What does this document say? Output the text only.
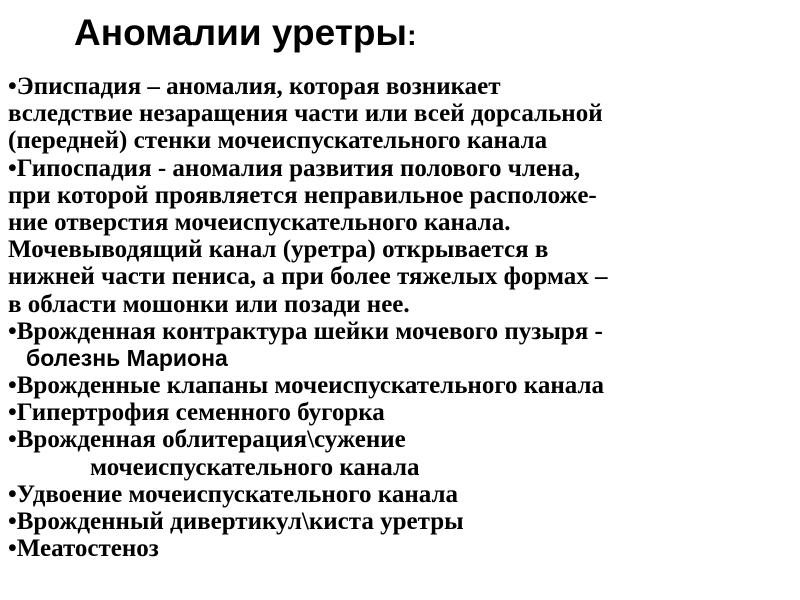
Аномалии уретры:
•Эписпадия – аномалия, которая возникает
вследствие незаращения части или всей дорсальной
(передней) стенки мочеиспускательного канала
•Гипоспадия - аномалия развития полового члена,
при которой проявляется неправильное расположе-
ние отверстия мочеиспускательного канала.
Мочевыводящий канал (уретра) открывается в
нижней части пениса, а при более тяжелых формах –
в области мошонки или позади нее.
•Врожденная контрактура шейки мочевого пузыря -
болезнь Мариона
•Врожденные клапаны мочеиспускательного канала
•Гипертрофия семенного бугорка
•Врожденная облитерация\сужение
мочеиспускательного канала
•Удвоение мочеиспускательного канала
•Врожденный дивертикул\киста уретры
•Меатостеноз
